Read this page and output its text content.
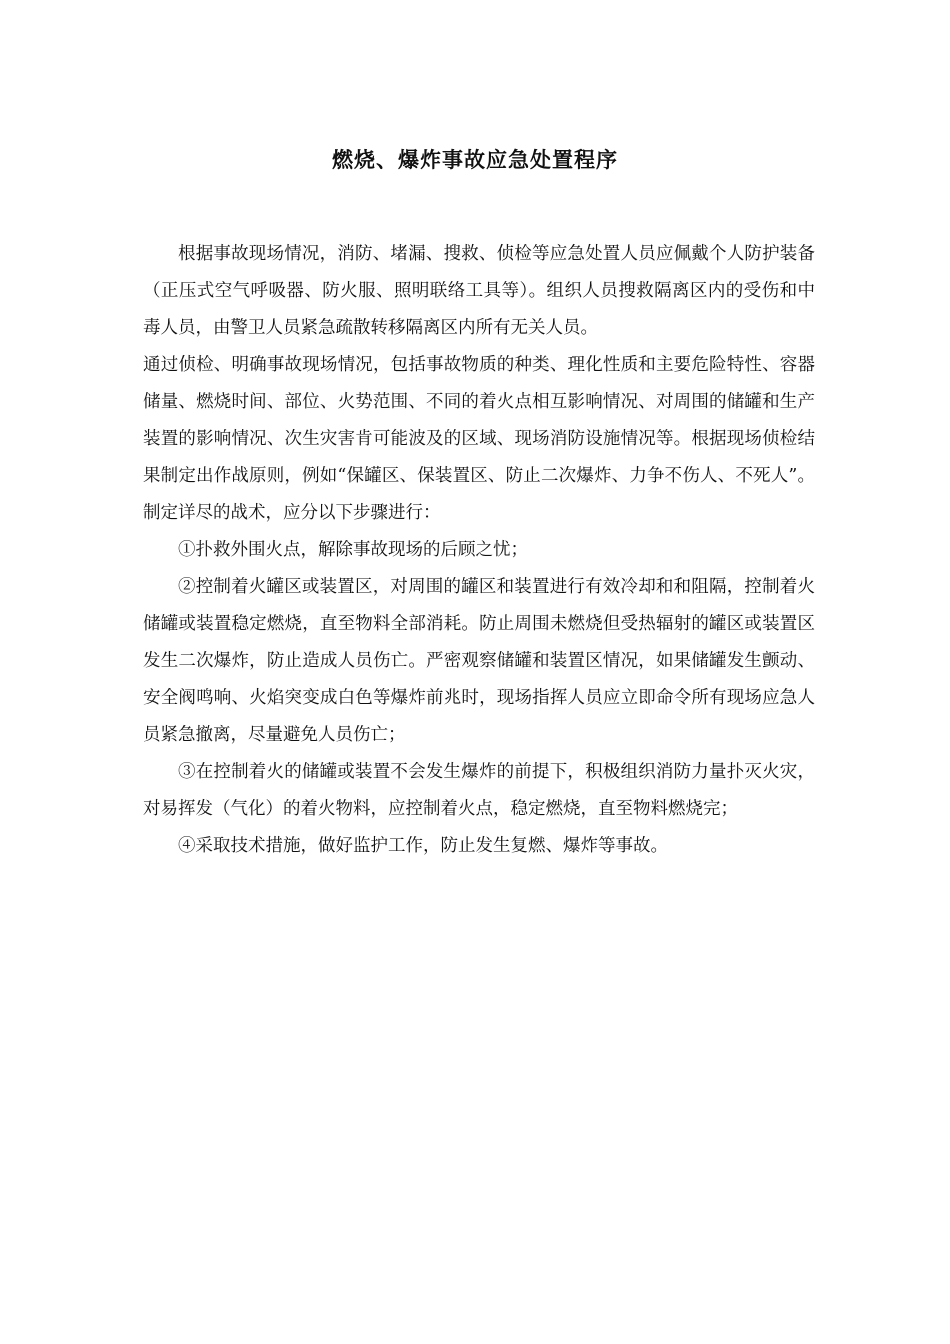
燃烧、爆炸事故应急处置程序

根据事故现场情况，消防、堵漏、搜救、侦检等应急处置人员应佩戴个人防护装备（正压式空气呼吸器、防火服、照明联络工具等）。组织人员搜救隔离区内的受伤和中毒人员，由警卫人员紧急疏散转移隔离区内所有无关人员。

通过侦检、明确事故现场情况，包括事故物质的种类、理化性质和主要危险特性、容器储量、燃烧时间、部位、火势范围、不同的着火点相互影响情况、对周围的储罐和生产装置的影响情况、次生灾害肯可能波及的区域、现场消防设施情况等。根据现场侦检结果制定出作战原则，例如“保罐区、保装置区、防止二次爆炸、力争不伤人、不死人”。制定详尽的战术，应分以下步骤进行：

①扑救外围火点，解除事故现场的后顾之忧；

②控制着火罐区或装置区，对周围的罐区和装置进行有效冷却和和阻隔，控制着火储罐或装置稳定燃烧，直至物料全部消耗。防止周围未燃烧但受热辐射的罐区或装置区发生二次爆炸，防止造成人员伤亡。严密观察储罐和装置区情况，如果储罐发生颤动、安全阀鸣响、火焰突变成白色等爆炸前兆时，现场指挥人员应立即命令所有现场应急人员紧急撤离，尽量避免人员伤亡；

③在控制着火的储罐或装置不会发生爆炸的前提下，积极组织消防力量扑灭火灾，对易挥发（气化）的着火物料，应控制着火点，稳定燃烧，直至物料燃烧完；

④采取技术措施，做好监护工作，防止发生复燃、爆炸等事故。
